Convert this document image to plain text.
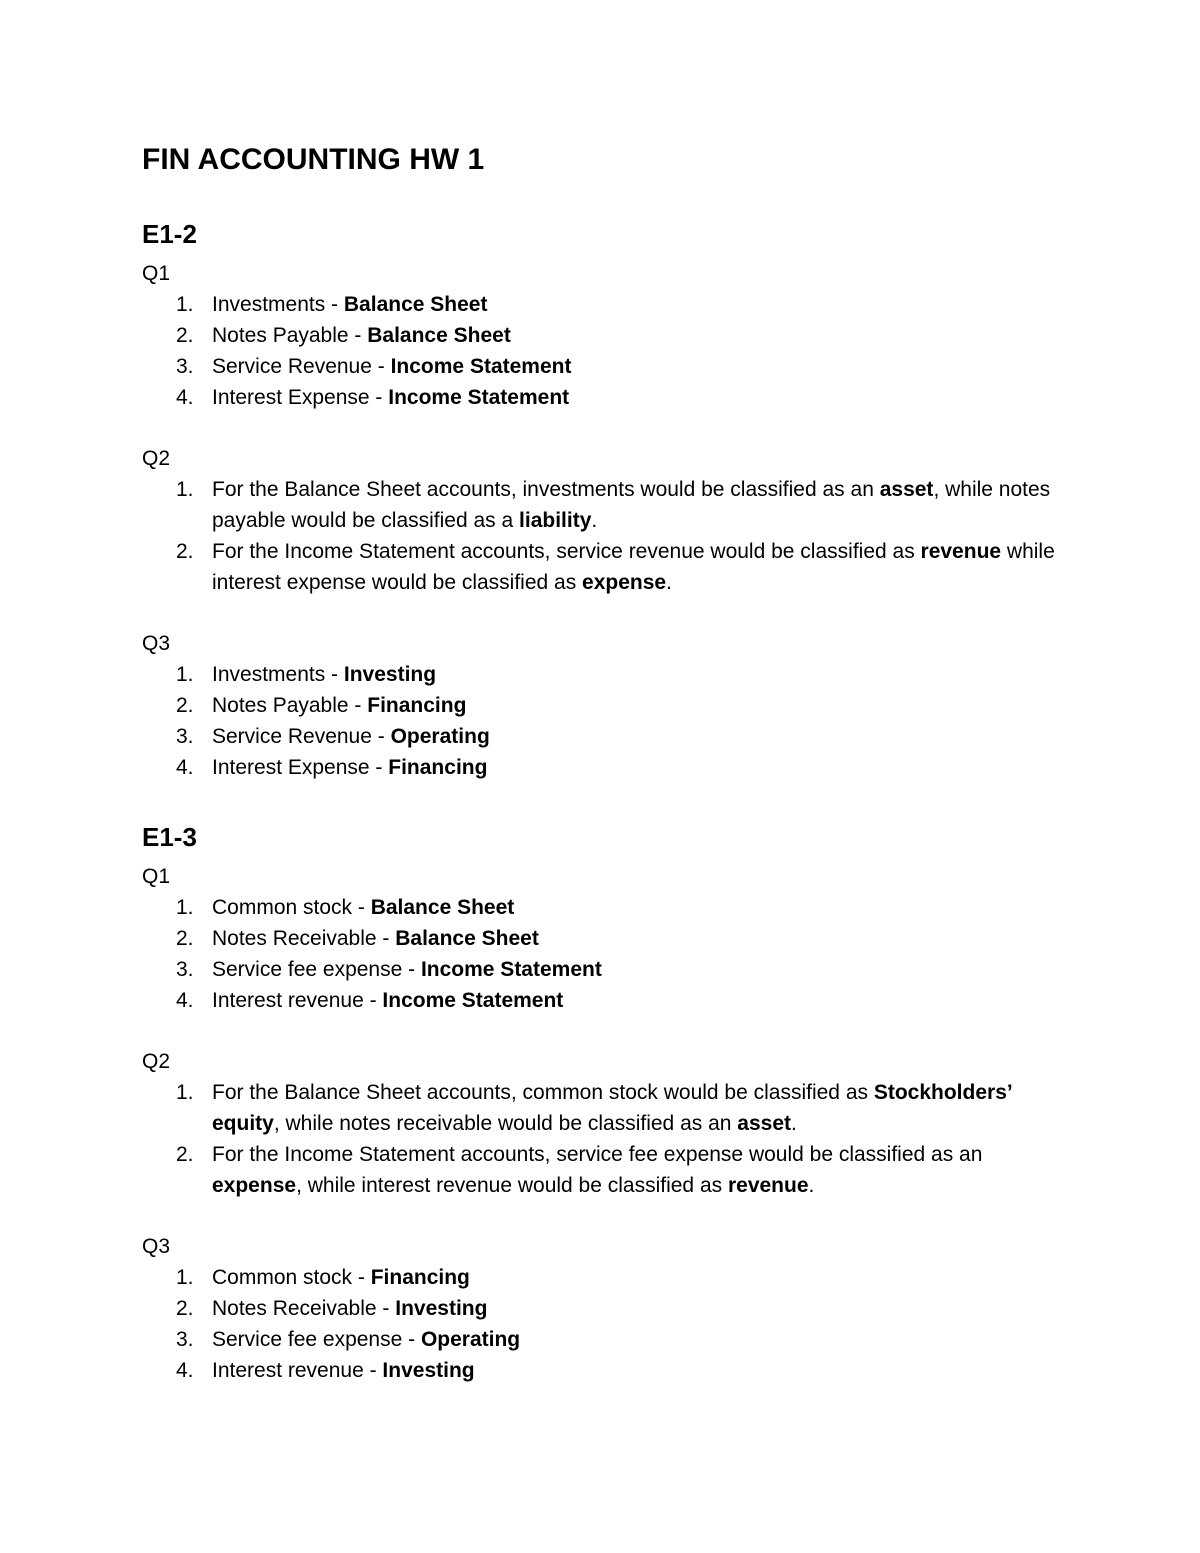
FIN ACCOUNTING HW 1
E1-2

Q1

1. Investments - Balance Sheet
2. Notes Payable - Balance Sheet
3. Service Revenue - Income Statement
4. Interest Expense - Income Statement

Q2

1. For the Balance Sheet accounts, investments would be classified as an asset, while notes payable would be classified as a liability.
2. For the Income Statement accounts, service revenue would be classified as revenue while interest expense would be classified as expense.

Q3

1. Investments - Investing
2. Notes Payable - Financing
3. Service Revenue - Operating
4. Interest Expense - Financing
E1-3

Q1

1. Common stock - Balance Sheet
2. Notes Receivable - Balance Sheet
3. Service fee expense - Income Statement
4. Interest revenue - Income Statement

Q2

1. For the Balance Sheet accounts, common stock would be classified as Stockholders’ equity, while notes receivable would be classified as an asset.
2. For the Income Statement accounts, service fee expense would be classified as an expense, while interest revenue would be classified as revenue.

Q3

1. Common stock - Financing
2. Notes Receivable - Investing
3. Service fee expense - Operating
4. Interest revenue - Investing
